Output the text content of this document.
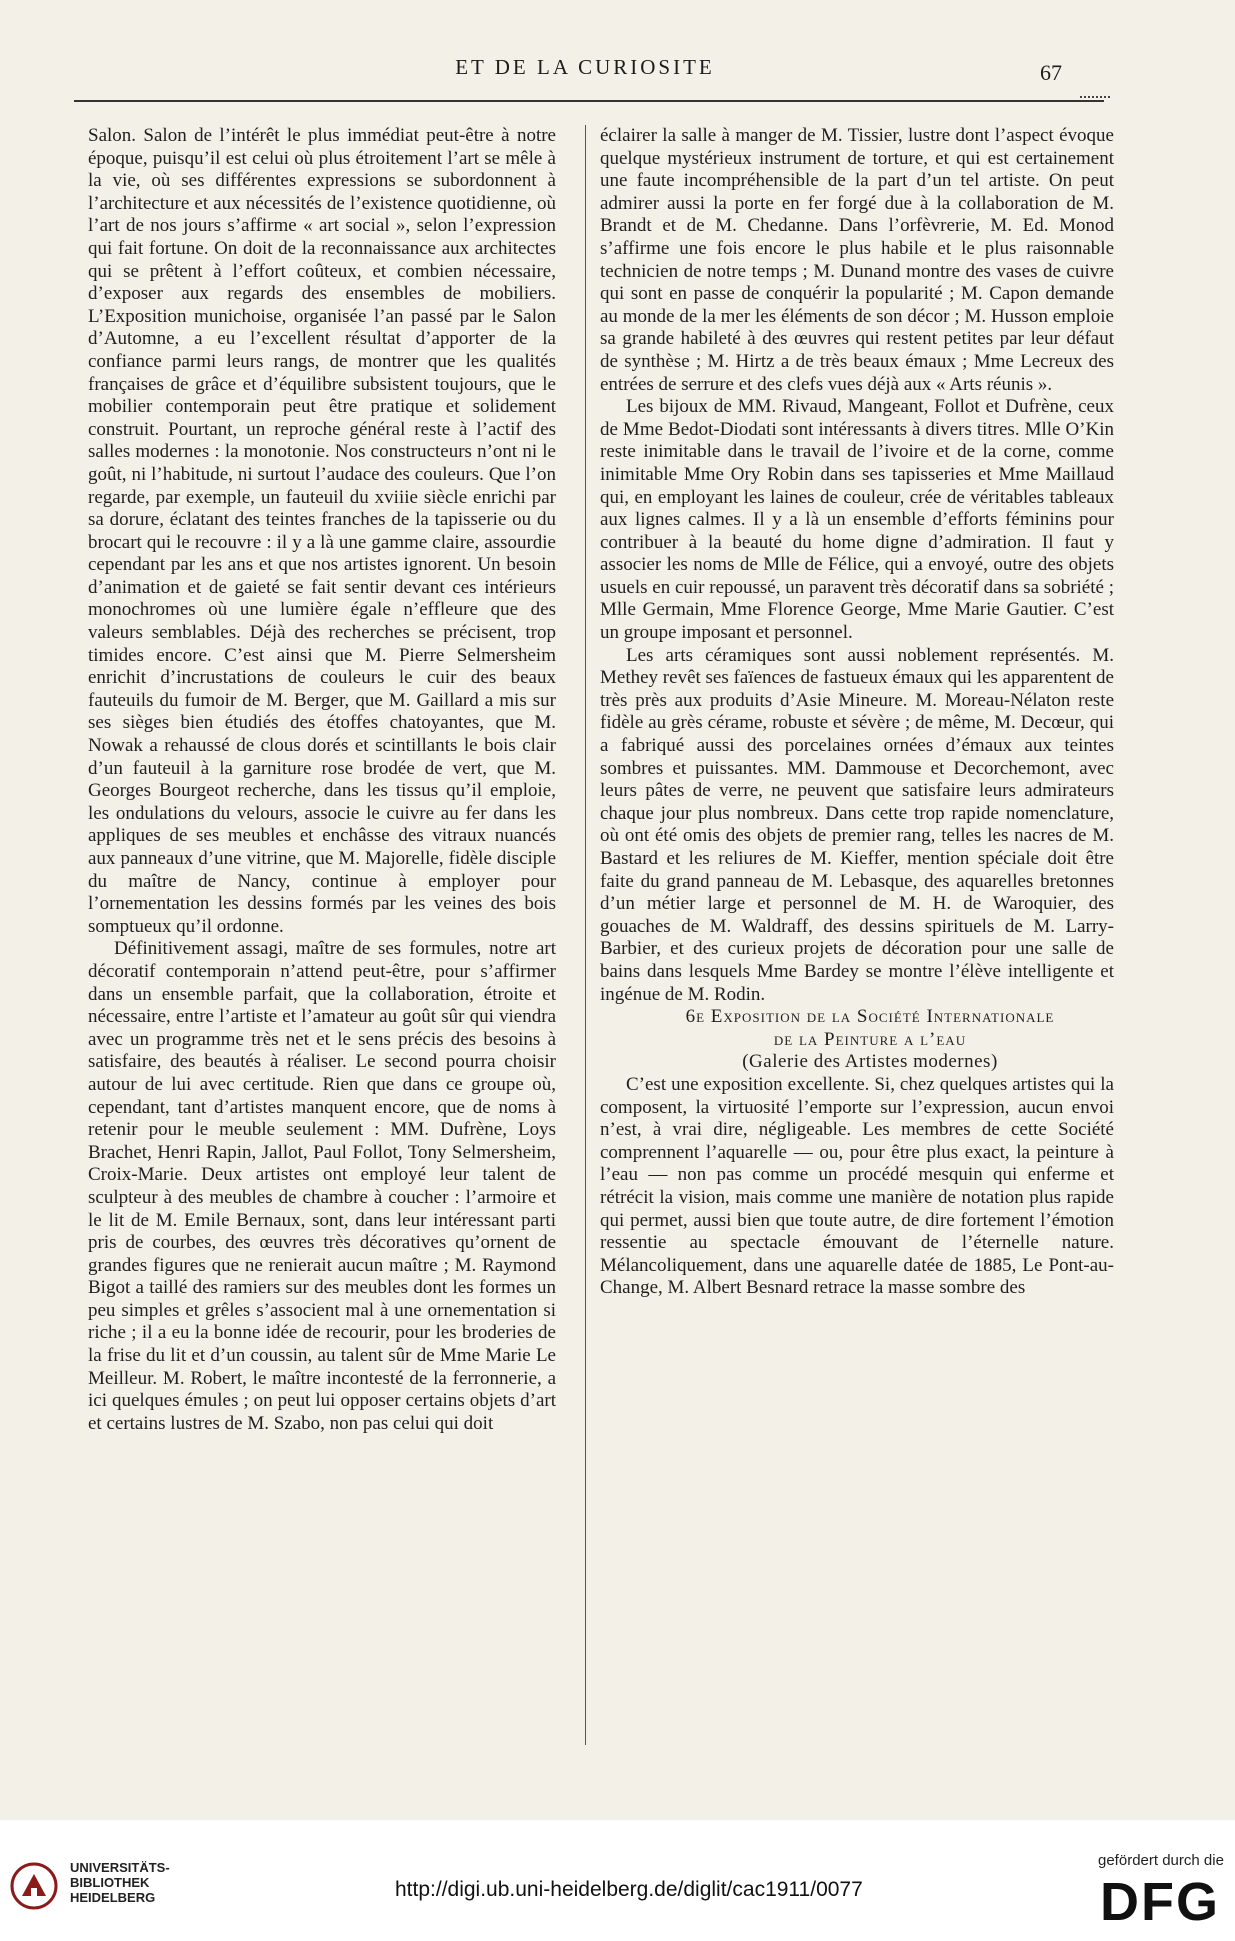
ET DE LA CURIOSITE	67

Salon. Salon de l’intérêt le plus immédiat peut-être à notre époque, puisqu’il est celui où plus étroitement l’art se mêle à la vie, où ses différentes expressions se subordonnent à l’architecture et aux nécessités de l’existence quotidienne, où l’art de nos jours s’affirme « art social », selon l’expression qui fait fortune. On doit de la reconnaissance aux architectes qui se prêtent à l’effort coûteux, et combien nécessaire, d’exposer aux regards des ensembles de mobiliers. L’Exposition munichoise, organisée l’an passé par le Salon d’Automne, a eu l’excellent résultat d’apporter de la confiance parmi leurs rangs, de montrer que les qualités françaises de grâce et d’équilibre subsistent toujours, que le mobilier contemporain peut être pratique et solidement construit. Pourtant, un reproche général reste à l’actif des salles modernes : la monotonie. Nos constructeurs n’ont ni le goût, ni l’habitude, ni surtout l’audace des couleurs. Que l’on regarde, par exemple, un fauteuil du xviiie siècle enrichi par sa dorure, éclatant des teintes franches de la tapisserie ou du brocart qui le recouvre : il y a là une gamme claire, assourdie cependant par les ans et que nos artistes ignorent. Un besoin d’animation et de gaieté se fait sentir devant ces intérieurs monochromes où une lumière égale n’effleure que des valeurs semblables. Déjà des recherches se précisent, trop timides encore. C’est ainsi que M. Pierre Selmersheim enrichit d’incrustations de couleurs le cuir des beaux fauteuils du fumoir de M. Berger, que M. Gaillard a mis sur ses sièges bien étudiés des étoffes chatoyantes, que M. Nowak a rehaussé de clous dorés et scintillants le bois clair d’un fauteuil à la garniture rose brodée de vert, que M. Georges Bourgeot recherche, dans les tissus qu’il emploie, les ondulations du velours, associe le cuivre au fer dans les appliques de ses meubles et enchâsse des vitraux nuancés aux panneaux d’une vitrine, que M. Majorelle, fidèle disciple du maître de Nancy, continue à employer pour l’ornementation les dessins formés par les veines des bois somptueux qu’il ordonne.

Définitivement assagi, maître de ses formules, notre art décoratif contemporain n’attend peut-être, pour s’affirmer dans un ensemble parfait, que la collaboration, étroite et nécessaire, entre l’artiste et l’amateur au goût sûr qui viendra avec un programme très net et le sens précis des besoins à satisfaire, des beautés à réaliser. Le second pourra choisir autour de lui avec certitude. Rien que dans ce groupe où, cependant, tant d’artistes manquent encore, que de noms à retenir pour le meuble seulement : MM. Dufrène, Loys Brachet, Henri Rapin, Jallot, Paul Follot, Tony Selmersheim, Croix-Marie. Deux artistes ont employé leur talent de sculpteur à des meubles de chambre à coucher : l’armoire et le lit de M. Emile Bernaux, sont, dans leur intéressant parti pris de courbes, des œuvres très décoratives qu’ornent de grandes figures que ne renierait aucun maître ; M. Raymond Bigot a taillé des ramiers sur des meubles dont les formes un peu simples et grêles s’associent mal à une ornementation si riche ; il a eu la bonne idée de recourir, pour les broderies de la frise du lit et d’un coussin, au talent sûr de Mme Marie Le Meilleur. M. Robert, le maître incontesté de la ferronnerie, a ici quelques émules ; on peut lui opposer certains objets d’art et certains lustres de M. Szabo, non pas celui qui doit

éclairer la salle à manger de M. Tissier, lustre dont l’aspect évoque quelque mystérieux instrument de torture, et qui est certainement une faute incompréhensible de la part d’un tel artiste. On peut admirer aussi la porte en fer forgé due à la collaboration de M. Brandt et de M. Chedanne. Dans l’orfèvrerie, M. Ed. Monod s’affirme une fois encore le plus habile et le plus raisonnable technicien de notre temps ; M. Dunand montre des vases de cuivre qui sont en passe de conquérir la popularité ; M. Capon demande au monde de la mer les éléments de son décor ; M. Husson emploie sa grande habileté à des œuvres qui restent petites par leur défaut de synthèse ; M. Hirtz a de très beaux émaux ; Mme Lecreux des entrées de serrure et des clefs vues déjà aux « Arts réunis ».

Les bijoux de MM. Rivaud, Mangeant, Follot et Dufrène, ceux de Mme Bedot-Diodati sont intéressants à divers titres. Mlle O’Kin reste inimitable dans le travail de l’ivoire et de la corne, comme inimitable Mme Ory Robin dans ses tapisseries et Mme Maillaud qui, en employant les laines de couleur, crée de véritables tableaux aux lignes calmes. Il y a là un ensemble d’efforts féminins pour contribuer à la beauté du home digne d’admiration. Il faut y associer les noms de Mlle de Félice, qui a envoyé, outre des objets usuels en cuir repoussé, un paravent très décoratif dans sa sobriété ; Mlle Germain, Mme Florence George, Mme Marie Gautier. C’est un groupe imposant et personnel.

Les arts céramiques sont aussi noblement représentés. M. Methey revêt ses faïences de fastueux émaux qui les apparentent de très près aux produits d’Asie Mineure. M. Moreau-Nélaton reste fidèle au grès cérame, robuste et sévère ; de même, M. Decœur, qui a fabriqué aussi des porcelaines ornées d’émaux aux teintes sombres et puissantes. MM. Dammouse et Decorchemont, avec leurs pâtes de verre, ne peuvent que satisfaire leurs admirateurs chaque jour plus nombreux. Dans cette trop rapide nomenclature, où ont été omis des objets de premier rang, telles les nacres de M. Bastard et les reliures de M. Kieffer, mention spéciale doit être faite du grand panneau de M. Lebasque, des aquarelles bretonnes d’un métier large et personnel de M. H. de Waroquier, des gouaches de M. Waldraff, des dessins spirituels de M. Larry-Barbier, et des curieux projets de décoration pour une salle de bains dans lesquels Mme Bardey se montre l’élève intelligente et ingénue de M. Rodin.

6e Exposition de la Société Internationale

de la Peinture a l’eau

(Galerie des Artistes modernes)

C’est une exposition excellente. Si, chez quelques artistes qui la composent, la virtuosité l’emporte sur l’expression, aucun envoi n’est, à vrai dire, négligeable. Les membres de cette Société comprennent l’aquarelle — ou, pour être plus exact, la peinture à l’eau — non pas comme un procédé mesquin qui enferme et rétrécit la vision, mais comme une manière de notation plus rapide qui permet, aussi bien que toute autre, de dire fortement l’émotion ressentie au spectacle émouvant de l’éternelle nature. Mélancoliquement, dans une aquarelle datée de 1885, Le Pont-au-Change, M. Albert Besnard retrace la masse sombre des

UNIVERSITÄTS-
BIBLIOTHEK
HEIDELBERG	http://digi.ub.uni-heidelberg.de/diglit/cac1911/0077
gefördert durch die
DFG
